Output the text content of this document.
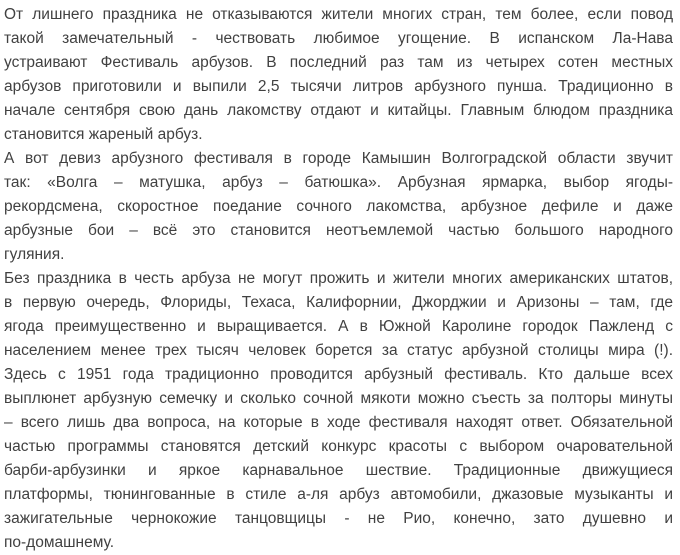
От лишнего праздника не отказываются жители многих стран, тем более, если повод
такой замечательный - чествовать любимое угощение. В испанском Ла-Нава
устраивают Фестиваль арбузов. В последний раз там из четырех сотен местных
арбузов приготовили и выпили 2,5 тысячи литров арбузного пунша. Традиционно в
начале сентября свою дань лакомству отдают и китайцы. Главным блюдом праздника
становится жареный арбуз.
А вот девиз арбузного фестиваля в городе Камышин Волгоградской области звучит
так: «Волга – матушка, арбуз – батюшка». Арбузная ярмарка, выбор ягоды-
рекордсмена, скоростное поедание сочного лакомства, арбузное дефиле и даже
арбузные бои – всё это становится неотъемлемой частью большого народного
гуляния.
Без праздника в честь арбуза не могут прожить и жители многих американских штатов,
в первую очередь, Флориды, Техаса, Калифорнии, Джорджии и Аризоны – там, где
ягода преимущественно и выращивается. А в Южной Каролине городок Пажленд с
населением менее трех тысяч человек борется за статус арбузной столицы мира (!).
Здесь с 1951 года традиционно проводится арбузный фестиваль. Кто дальше всех
выплюнет арбузную семечку и сколько сочной мякоти можно съесть за полторы минуты
– всего лишь два вопроса, на которые в ходе фестиваля находят ответ. Обязательной
частью программы становятся детский конкурс красоты с выбором очаровательной
барби-арбузинки и яркое карнавальное шествие. Традиционные движущиеся
платформы, тюнингованные в стиле а-ля арбуз автомобили, джазовые музыканты и
зажигательные чернокожие танцовщицы - не Рио, конечно, зато душевно и
по-домашнему.
